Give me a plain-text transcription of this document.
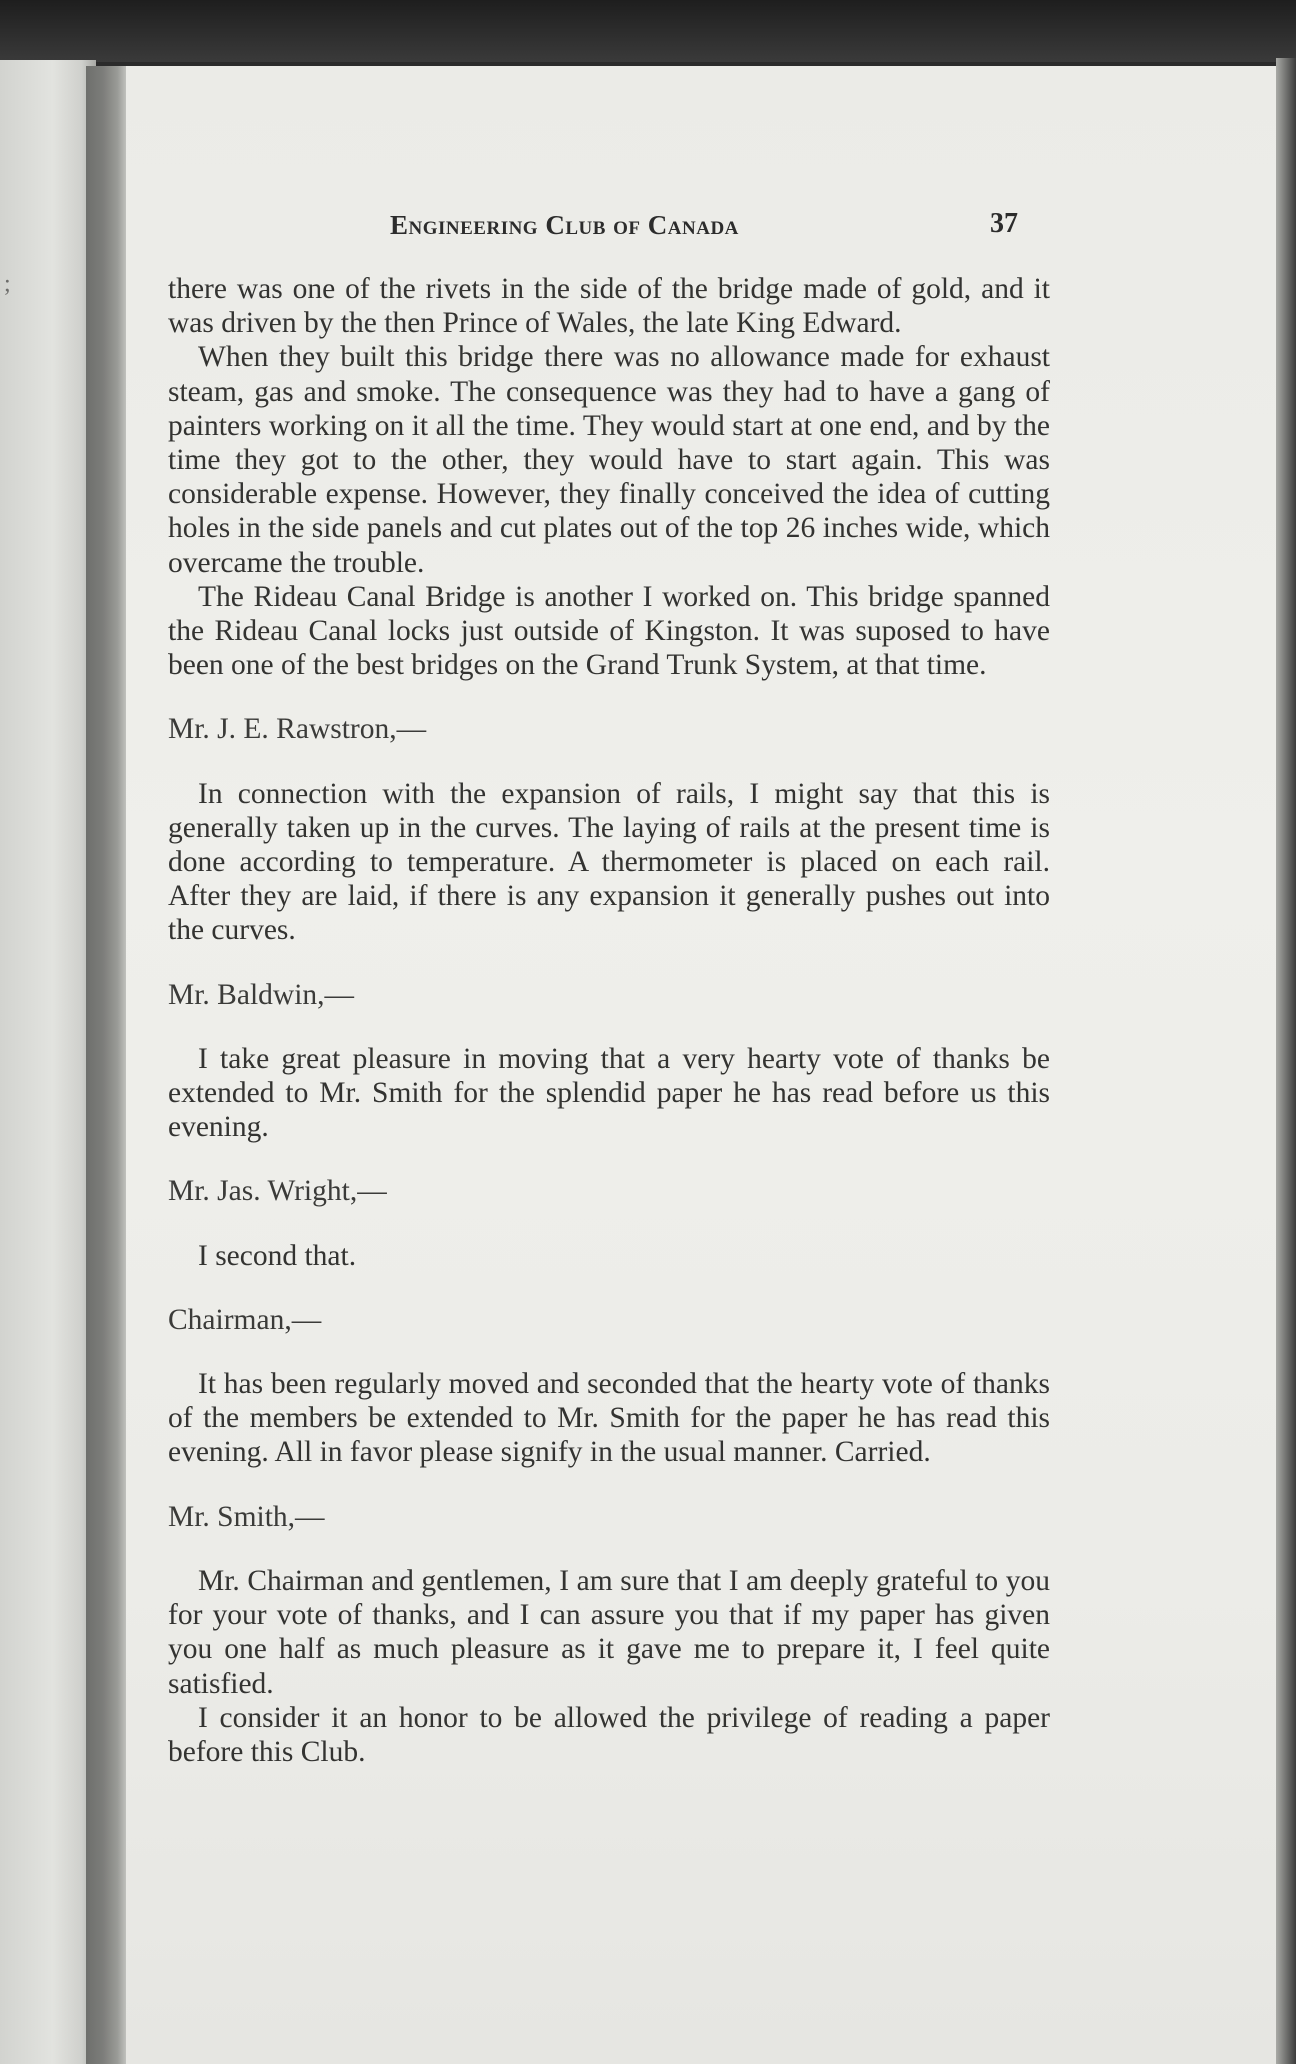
;
Engineering Club of Canada	37

there was one of the rivets in the side of the bridge made of gold, and it was driven by the then Prince of Wales, the late King Edward.

When they built this bridge there was no allowance made for exhaust steam, gas and smoke. The consequence was they had to have a gang of painters working on it all the time. They would start at one end, and by the time they got to the other, they would have to start again. This was considerable expense. However, they finally conceived the idea of cutting holes in the side panels and cut plates out of the top 26 inches wide, which overcame the trouble.

The Rideau Canal Bridge is another I worked on. This bridge spanned the Rideau Canal locks just outside of Kingston. It was suposed to have been one of the best bridges on the Grand Trunk System, at that time.

Mr. J. E. Rawstron,—

In connection with the expansion of rails, I might say that this is generally taken up in the curves. The laying of rails at the present time is done according to temperature. A thermometer is placed on each rail. After they are laid, if there is any expansion it generally pushes out into the curves.

Mr. Baldwin,—

I take great pleasure in moving that a very hearty vote of thanks be extended to Mr. Smith for the splendid paper he has read before us this evening.

Mr. Jas. Wright,—

I second that.

Chairman,—

It has been regularly moved and seconded that the hearty vote of thanks of the members be extended to Mr. Smith for the paper he has read this evening. All in favor please signify in the usual manner. Carried.

Mr. Smith,—

Mr. Chairman and gentlemen, I am sure that I am deeply grateful to you for your vote of thanks, and I can assure you that if my paper has given you one half as much pleasure as it gave me to prepare it, I feel quite satisfied.

I consider it an honor to be allowed the privilege of reading a paper before this Club.
